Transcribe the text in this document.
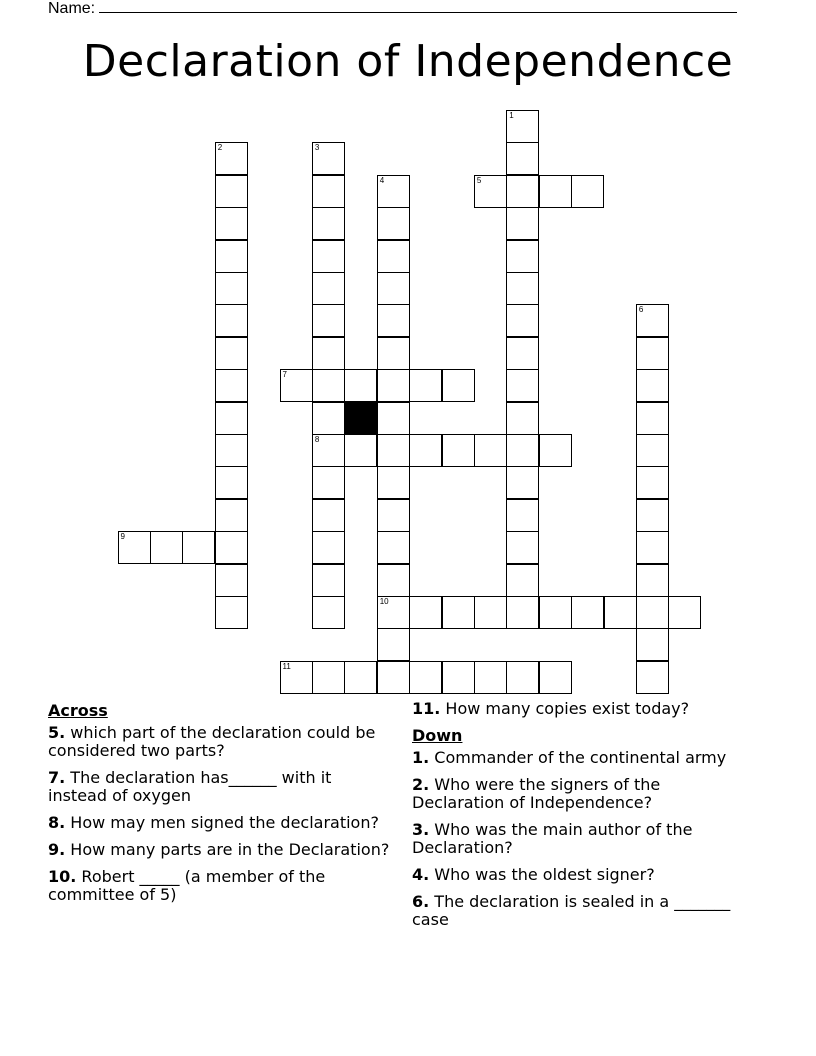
Name:
Declaration of Independence
1
2	3
8
4
10
5
6
7
9
11
Across
5. which part of the declaration could be considered two parts?
7. The declaration has______ with it instead of oxygen
8. How may men signed the declaration?
9. How many parts are in the Declaration?
10. Robert _____ (a member of the committee of 5)
11. How many copies exist today?
Down
1. Commander of the continental army
2. Who were the signers of the Declaration of Independence?
3. Who was the main author of the Declaration?
4. Who was the oldest signer?
6. The declaration is sealed in a _______ case
